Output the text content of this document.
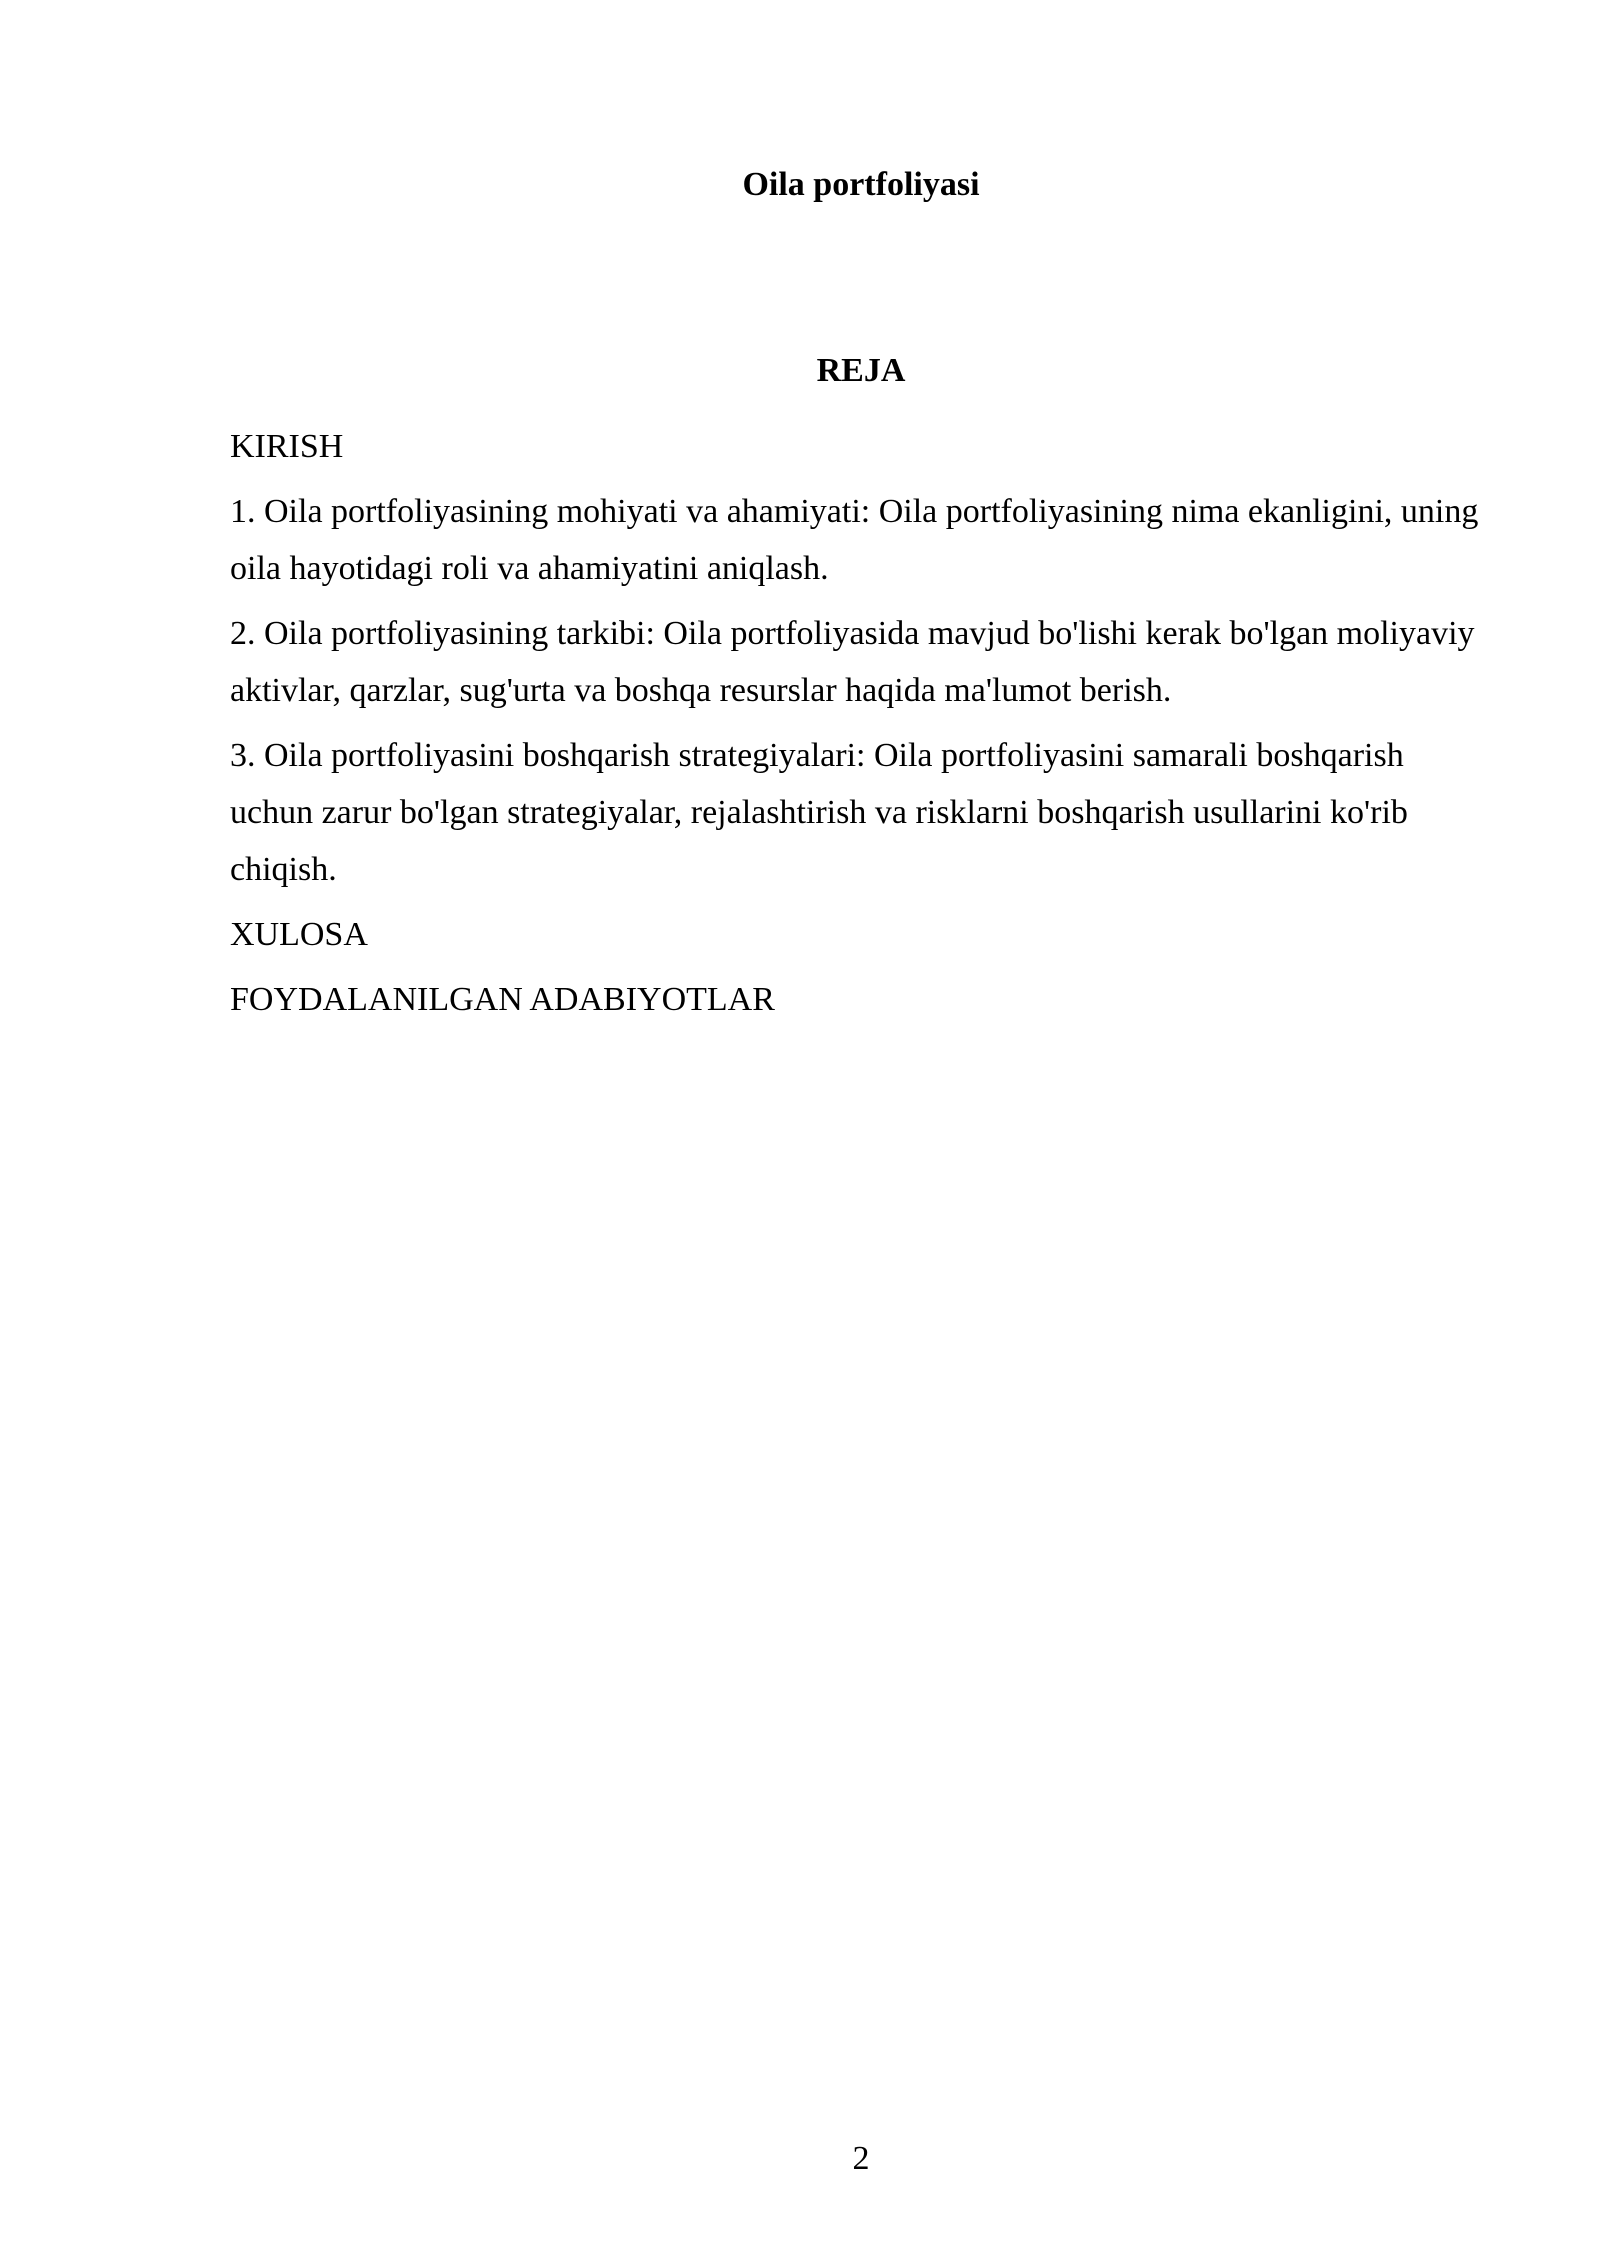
Oila portfoliyasi
REJA

KIRISH

1. Oila portfoliyasining mohiyati va ahamiyati: Oila portfoliyasining nima ekanligini, uning oila hayotidagi roli va ahamiyatini aniqlash.

2. Oila portfoliyasining tarkibi: Oila portfoliyasida mavjud bo'lishi kerak bo'lgan moliyaviy aktivlar, qarzlar, sug'urta va boshqa resurslar haqida ma'lumot berish.

3. Oila portfoliyasini boshqarish strategiyalari: Oila portfoliyasini samarali boshqarish uchun zarur bo'lgan strategiyalar, rejalashtirish va risklarni boshqarish usullarini ko'rib chiqish.

XULOSA

FOYDALANILGAN ADABIYOTLAR

2
